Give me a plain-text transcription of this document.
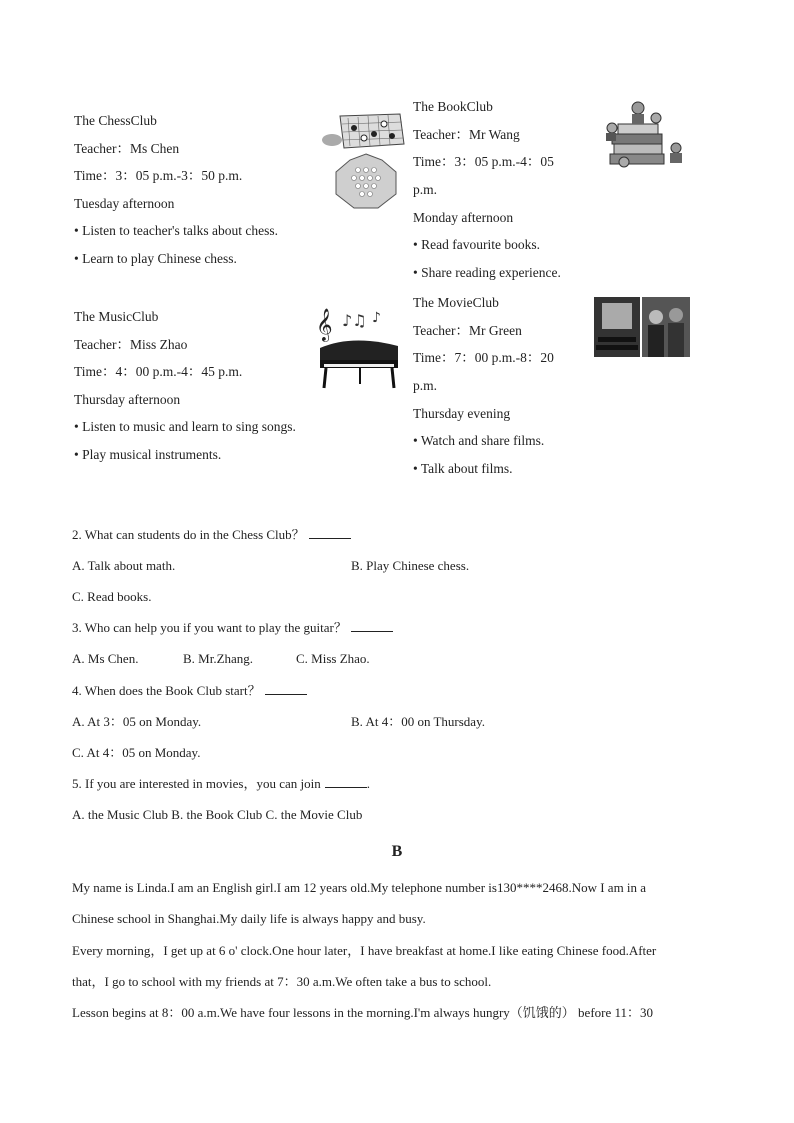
The ChessClub
Teacher：Ms Chen
Time：3：05 p.m.-3：50 p.m.
Tuesday afternoon
• Listen to teacher's talks about chess.
• Learn to play Chinese chess.
The BookClub
Teacher：Mr Wang
Time：3：05 p.m.-4：05
p.m.
Monday afternoon
• Read favourite books.
• Share reading experience.
The MusicClub
Teacher：Miss Zhao
Time：4：00 p.m.-4：45 p.m.
Thursday afternoon
• Listen to music and learn to sing songs.
• Play musical instruments.
𝄞 ♪♫ ♪
The MovieClub
Teacher：Mr Green
Time：7：00 p.m.-8：20
p.m.
Thursday evening
• Watch and share films.
• Talk about films.
2. What can students do in the Chess Club？
A. Talk about math.	B. Play Chinese chess.
C. Read books.
3. Who can help you if you want to play the guitar？
A. Ms Chen.	B. Mr.Zhang.	C. Miss Zhao.
4. When does the Book Club start？
A. At 3：05 on Monday.	B. At 4：00 on Thursday.
C. At 4：05 on Monday.
5. If you are interested in movies，you can join	.
A. the Music Club B. the Book Club C. the Movie Club
B
My name is Linda.I am an English girl.I am 12 years old.My telephone number is130****2468.Now I am in a
Chinese school in Shanghai.My daily life is always happy and busy.
Every morning，I get up at 6 o' clock.One hour later，I have breakfast at home.I like eating Chinese food.After
that，I go to school with my friends at 7：30 a.m.We often take a bus to school.
Lesson begins at 8：00 a.m.We have four lessons in the morning.I'm always hungry（饥饿的） before 11：30
